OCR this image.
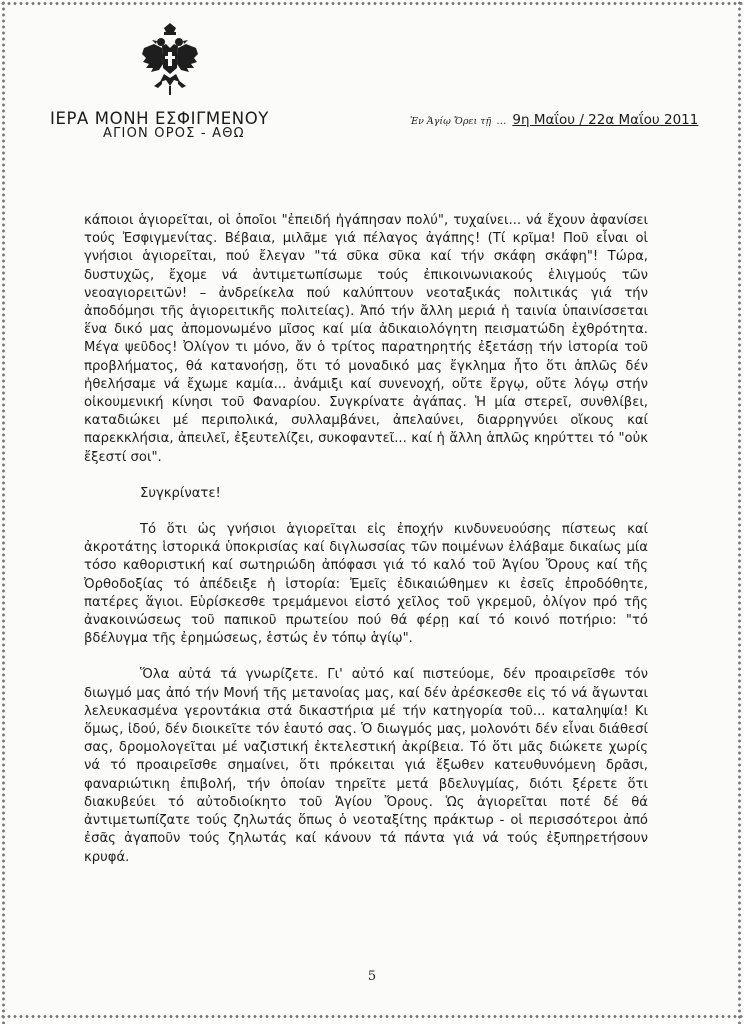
ΙΕΡΑ ΜΟΝΗ ΕΣΦΙΓΜΕΝΟΥ
ΑΓΙΟΝ ΟΡΟΣ - ΑΘΩ
Ἐν Ἁγίῳ Ὄρει τῇ … 9η Μαΐου / 22α Μαΐου 2011

κάποιοι ἁγιορεῖται, οἱ ὁποῖοι "ἐπειδή ἠγάπησαν πολύ", τυχαίνει... νά ἔχουν ἀφανίσει τούς Ἐσφιγμενίτας. Βέβαια, μιλᾶμε γιά πέλαγος ἀγάπης! (Τί κρῖμα! Ποῦ εἶναι οἱ γνήσιοι ἁγιορεῖται, πού ἔλεγαν "τά σῦκα σῦκα καί τήν σκάφη σκάφη"! Τώρα, δυστυχῶς, ἔχομε νά ἀντιμετωπίσωμε τούς ἐπικοινωνιακούς ἑλιγμούς τῶν νεοαγιορειτῶν! – ἀνδρείκελα πού καλύπτουν νεοταξικάς πολιτικάς γιά τήν ἀποδόμησι τῆς ἁγιορειτικῆς πολιτείας). Ἀπό τήν ἄλλη μεριά ἡ ταινία ὑπαινίσσεται ἕνα δικό μας ἀπομονωμένο μῖσος καί μία ἀδικαιολόγητη πεισματώδη ἐχθρότητα. Μέγα ψεῦδος! Ὀλίγον τι μόνο, ἄν ὁ τρίτος παρατηρητής ἐξετάσῃ τήν ἱστορία τοῦ προβλήματος, θά κατανοήσῃ, ὅτι τό μοναδικό μας ἔγκλημα ἦτο ὅτι ἁπλῶς δέν ἠθελήσαμε νά ἔχωμε καμία... ἀνάμιξι καί συνενοχή, οὔτε ἔργῳ, οὔτε λόγῳ στήν οἰκουμενική κίνησι τοῦ Φαναρίου. Συγκρίνατε ἀγάπας. Ἡ μία στερεῖ, συνθλίβει, καταδιώκει μέ περιπολικά, συλλαμβάνει, ἀπελαύνει, διαρρηγνύει οἴκους καί παρεκκλήσια, ἀπειλεῖ, ἐξευτελίζει, συκοφαντεῖ... καί ἡ ἄλλη ἁπλῶς κηρύττει τό "οὐκ ἔξεστί σοι".

Συγκρίνατε!

Τό ὅτι ὡς γνήσιοι ἁγιορεῖται εἰς ἐποχήν κινδυνευούσης πίστεως καί ἀκροτάτης ἱστορικά ὑποκρισίας καί διγλωσσίας τῶν ποιμένων ἐλάβαμε δικαίως μία τόσο καθοριστική καί σωτηριώδη ἀπόφασι γιά τό καλό τοῦ Ἁγίου Ὄρους καί τῆς Ὀρθοδοξίας τό ἀπέδειξε ἡ ἱστορία: Ἐμεῖς ἐδικαιώθημεν κι ἐσεῖς ἐπροδόθητε, πατέρες ἅγιοι. Εὑρίσκεσθε τρεμάμενοι εἰστό χεῖλος τοῦ γκρεμοῦ, ὀλίγον πρό τῆς ἀνακοινώσεως τοῦ παπικοῦ πρωτείου πού θά φέρῃ καί τό κοινό ποτήριο: "τό βδέλυγμα τῆς ἐρημώσεως, ἑστώς ἐν τόπῳ ἁγίῳ".

Ὅλα αὐτά τά γνωρίζετε. Γι' αὐτό καί πιστεύομε, δέν προαιρεῖσθε τόν διωγμό μας ἀπό τήν Μονή τῆς μετανοίας μας, καί δέν ἀρέσκεσθε εἰς τό νά ἄγωνται λελευκασμένα γεροντάκια στά δικαστήρια μέ τήν κατηγορία τοῦ... καταληψία! Κι ὅμως, ἰδού, δέν διοικεῖτε τόν ἑαυτό σας. Ὁ διωγμός μας, μολονότι δέν εἶναι διάθεσί σας, δρομολογεῖται μέ ναζιστική ἐκτελεστική ἀκρίβεια. Τό ὅτι μᾶς διώκετε χωρίς νά τό προαιρεῖσθε σημαίνει, ὅτι πρόκειται γιά ἔξωθεν κατευθυνόμενη δρᾶσι, φαναριώτικη ἐπιβολή, τήν ὁποίαν τηρεῖτε μετά βδελυγμίας, διότι ξέρετε ὅτι διακυβεύει τό αὐτοδιοίκητο τοῦ Ἁγίου Ὄρους. Ὡς ἁγιορεῖται ποτέ δέ θά ἀντιμετωπίζατε τούς ζηλωτάς ὅπως ὁ νεοταξίτης πράκτωρ - οἱ περισσότεροι ἀπό ἐσᾶς ἀγαποῦν τούς ζηλωτάς καί κάνουν τά πάντα γιά νά τούς ἐξυπηρετήσουν κρυφά.

5
